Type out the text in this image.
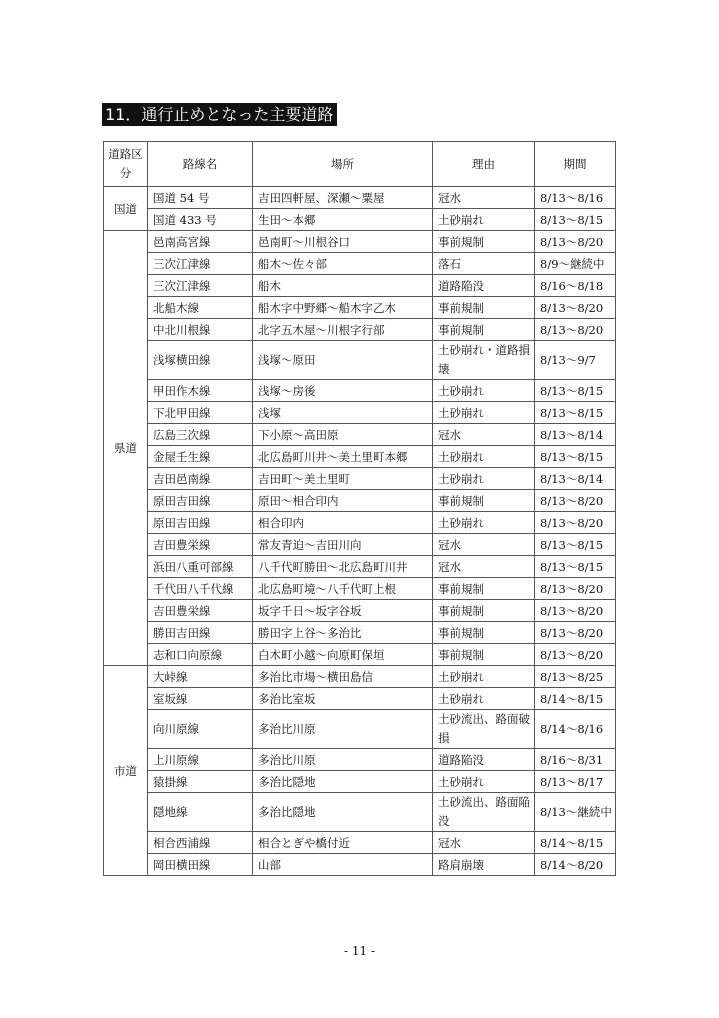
11．通行止めとなった主要道路
道路区分	路線名	場所	理由	期間
国道	国道 54 号	吉田四軒屋、深瀬～粟屋	冠水	8/13～8/16
	国道 433 号	生田～本郷	土砂崩れ	8/13～8/15
県道	邑南高宮線	邑南町～川根谷口	事前規制	8/13～8/20
	三次江津線	船木～佐々部	落石	8/9～継続中
	三次江津線	船木	道路陥没	8/16～8/18
	北船木線	船木字中野郷～船木字乙木	事前規制	8/13～8/20
	中北川根線	北字五木屋～川根字行部	事前規制	8/13～8/20
	浅塚横田線	浅塚～原田	土砂崩れ・道路損壊	8/13～9/7
	甲田作木線	浅塚～房後	土砂崩れ	8/13～8/15
	下北甲田線	浅塚	土砂崩れ	8/13～8/15
	広島三次線	下小原～高田原	冠水	8/13～8/14
	金屋壬生線	北広島町川井～美土里町本郷	土砂崩れ	8/13～8/15
	吉田邑南線	吉田町～美土里町	土砂崩れ	8/13～8/14
	原田吉田線	原田～相合印内	事前規制	8/13～8/20
	原田吉田線	相合印内	土砂崩れ	8/13～8/20
	吉田豊栄線	常友青迫～吉田川向	冠水	8/13～8/15
	浜田八重可部線	八千代町勝田～北広島町川井	冠水	8/13～8/15
	千代田八千代線	北広島町境～八千代町上根	事前規制	8/13～8/20
	吉田豊栄線	坂字千日～坂字谷坂	事前規制	8/13～8/20
	勝田吉田線	勝田字上谷～多治比	事前規制	8/13～8/20
	志和口向原線	白木町小越～向原町保垣	事前規制	8/13～8/20
市道	大峠線	多治比市場～横田島信	土砂崩れ	8/13～8/25
	室坂線	多治比室坂	土砂崩れ	8/14～8/15
	向川原線	多治比川原	土砂流出、路面破損	8/14～8/16
	上川原線	多治比川原	道路陥没	8/16～8/31
	猿掛線	多治比隠地	土砂崩れ	8/13～8/17
	隠地線	多治比隠地	土砂流出、路面陥没	8/13～継続中
	相合西浦線	相合とぎや橋付近	冠水	8/14～8/15
	岡田横田線	山部	路肩崩壊	8/14～8/20
- 11 -
